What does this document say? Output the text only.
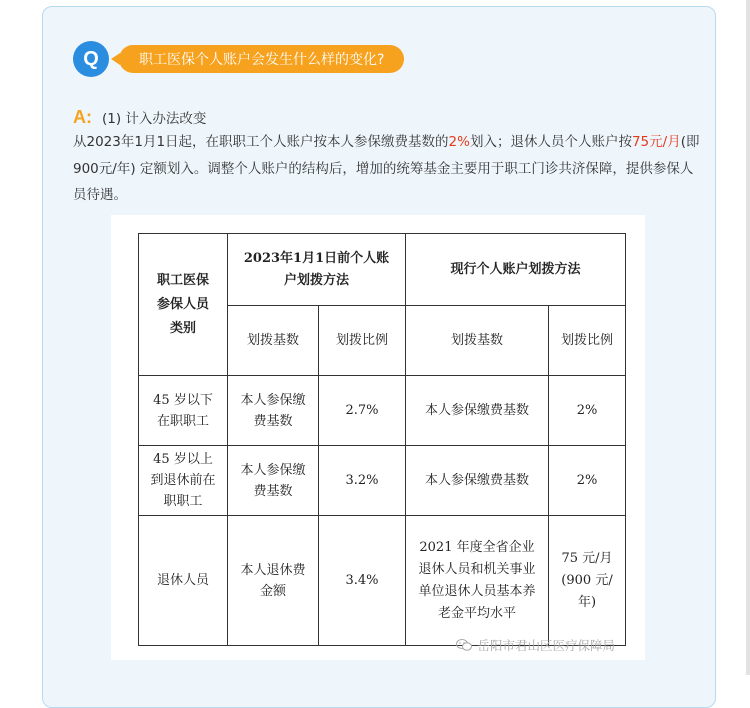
Q	职工医保个人账户会发生什么样的变化?
A: (1) 计入办法改变
从2023年1月1日起，在职职工个人账户按本人参保缴费基数的2%划入；退休人员个人账户按75元/月(即900元/年) 定额划入。调整个人账户的结构后，增加的统筹基金主要用于职工门诊共济保障，提供参保人员待遇。
职工医保参保人员类别	2023年1月1日前个人账户划拨方法		现行个人账户划拨方法	
	划拨基数	划拨比例	划拨基数	划拨比例

45 岁以下在职职工	本人参保缴费基数	2.7%	本人参保缴费基数	2%

45 岁以上到退休前在职职工	本人参保缴费基数	3.2%	本人参保缴费基数	2%
退休人员	本人退休费金额	3.4%	2021 年度全省企业退休人员和机关事业单位退休人员基本养老金平均水平	75 元/月(900 元/年)
岳阳市君山区医疗保障局
